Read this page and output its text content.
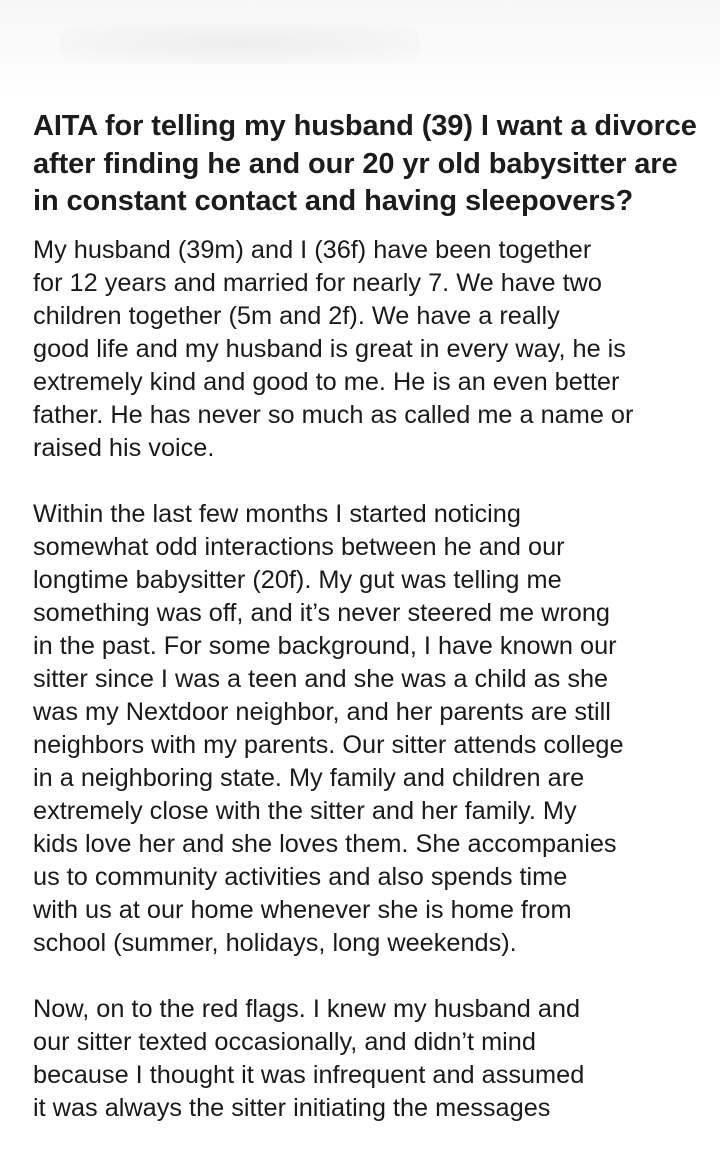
AITA for telling my husband (39) I want a divorce after finding he and our 20 yr old babysitter are in constant contact and having sleepovers?

My husband (39m) and I (36f) have been together
for 12 years and married for nearly 7. We have two
children together (5m and 2f). We have a really
good life and my husband is great in every way, he is
extremely kind and good to me. He is an even better
father. He has never so much as called me a name or
raised his voice.

Within the last few months I started noticing
somewhat odd interactions between he and our
longtime babysitter (20f). My gut was telling me
something was off, and it’s never steered me wrong
in the past. For some background, I have known our
sitter since I was a teen and she was a child as she
was my Nextdoor neighbor, and her parents are still
neighbors with my parents. Our sitter attends college
in a neighboring state. My family and children are
extremely close with the sitter and her family. My
kids love her and she loves them. She accompanies
us to community activities and also spends time
with us at our home whenever she is home from
school (summer, holidays, long weekends).

Now, on to the red flags. I knew my husband and
our sitter texted occasionally, and didn’t mind
because I thought it was infrequent and assumed
it was always the sitter initiating the messages
